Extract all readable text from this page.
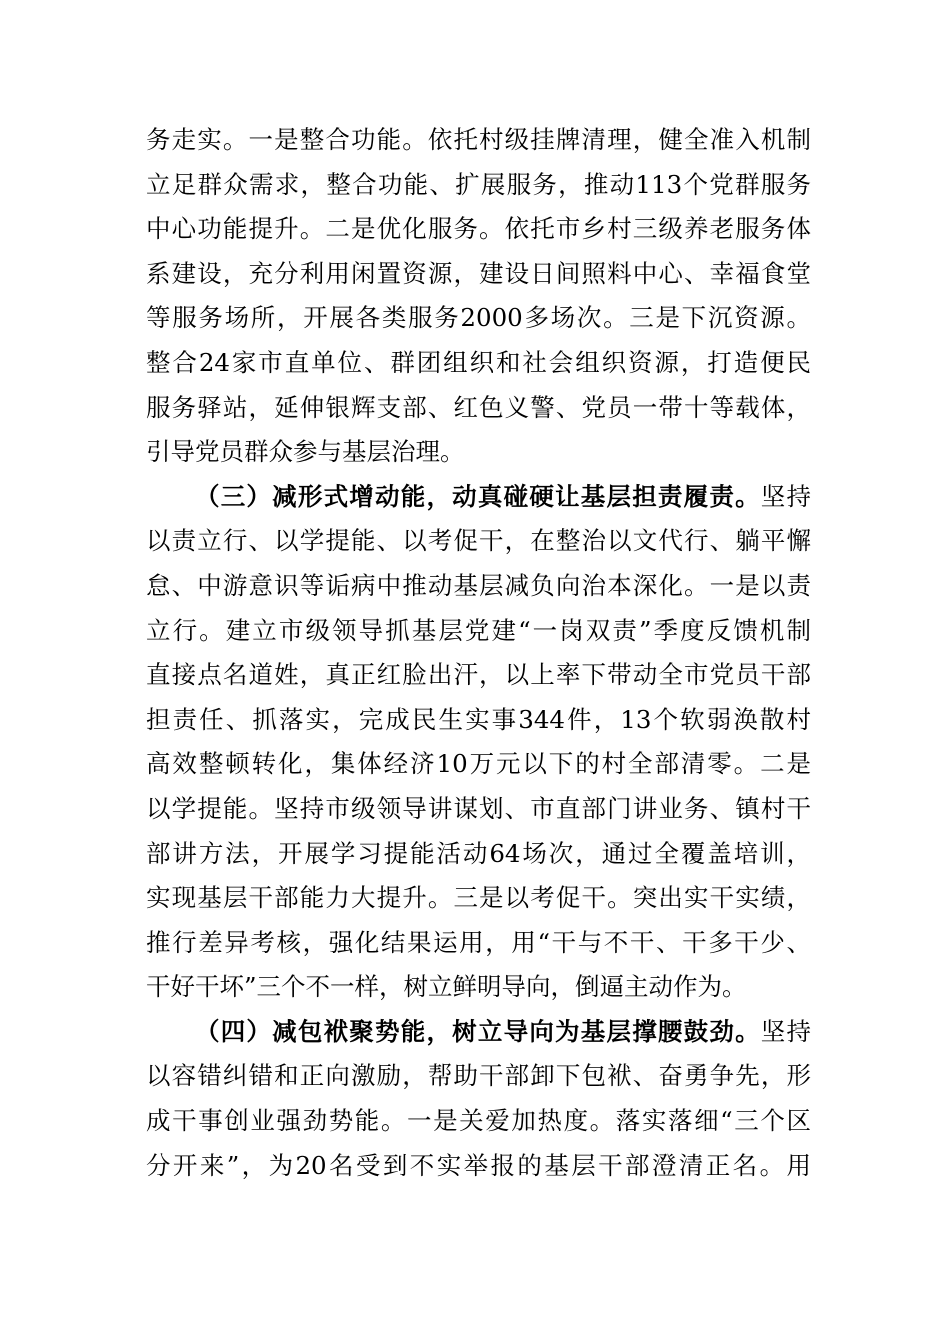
务走实。一是整合功能。依托村级挂牌清理，健全准入机制
立足群众需求，整合功能、扩展服务，推动113个党群服务
中心功能提升。二是优化服务。依托市乡村三级养老服务体
系建设，充分利用闲置资源，建设日间照料中心、幸福食堂
等服务场所，开展各类服务2000多场次。三是下沉资源。
整合24家市直单位、群团组织和社会组织资源，打造便民
服务驿站，延伸银辉支部、红色义警、党员一带十等载体，
引导党员群众参与基层治理。
（三）减形式增动能，动真碰硬让基层担责履责。坚持
以责立行、以学提能、以考促干，在整治以文代行、躺平懈
怠、中游意识等诟病中推动基层减负向治本深化。一是以责
立行。建立市级领导抓基层党建“一岗双责”季度反馈机制
直接点名道姓，真正红脸出汗，以上率下带动全市党员干部
担责任、抓落实，完成民生实事344件，13个软弱涣散村
高效整顿转化，集体经济10万元以下的村全部清零。二是
以学提能。坚持市级领导讲谋划、市直部门讲业务、镇村干
部讲方法，开展学习提能活动64场次，通过全覆盖培训，
实现基层干部能力大提升。三是以考促干。突出实干实绩，
推行差异考核，强化结果运用，用“干与不干、干多干少、
干好干坏”三个不一样，树立鲜明导向，倒逼主动作为。
（四）减包袱聚势能，树立导向为基层撑腰鼓劲。坚持
以容错纠错和正向激励，帮助干部卸下包袱、奋勇争先，形
成干事创业强劲势能。一是关爱加热度。落实落细“三个区
分开来”，为20名受到不实举报的基层干部澄清正名。用
